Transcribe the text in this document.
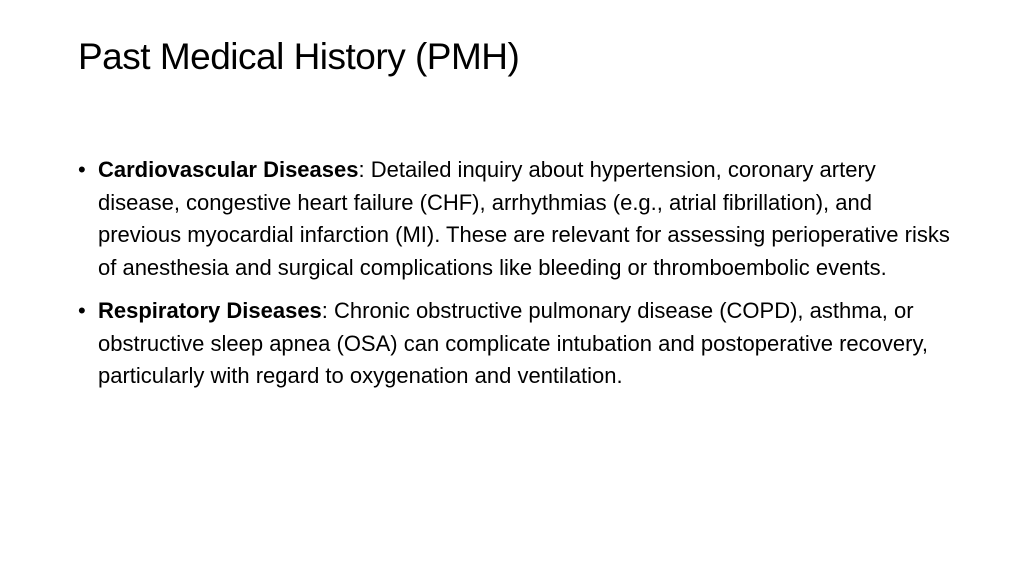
Past Medical History (PMH)
• Cardiovascular Diseases: Detailed inquiry about hypertension, coronary artery disease, congestive heart failure (CHF), arrhythmias (e.g., atrial fibrillation), and previous myocardial infarction (MI). These are relevant for assessing perioperative risks of anesthesia and surgical complications like bleeding or thromboembolic events.
• Respiratory Diseases: Chronic obstructive pulmonary disease (COPD), asthma, or obstructive sleep apnea (OSA) can complicate intubation and postoperative recovery, particularly with regard to oxygenation and ventilation.
